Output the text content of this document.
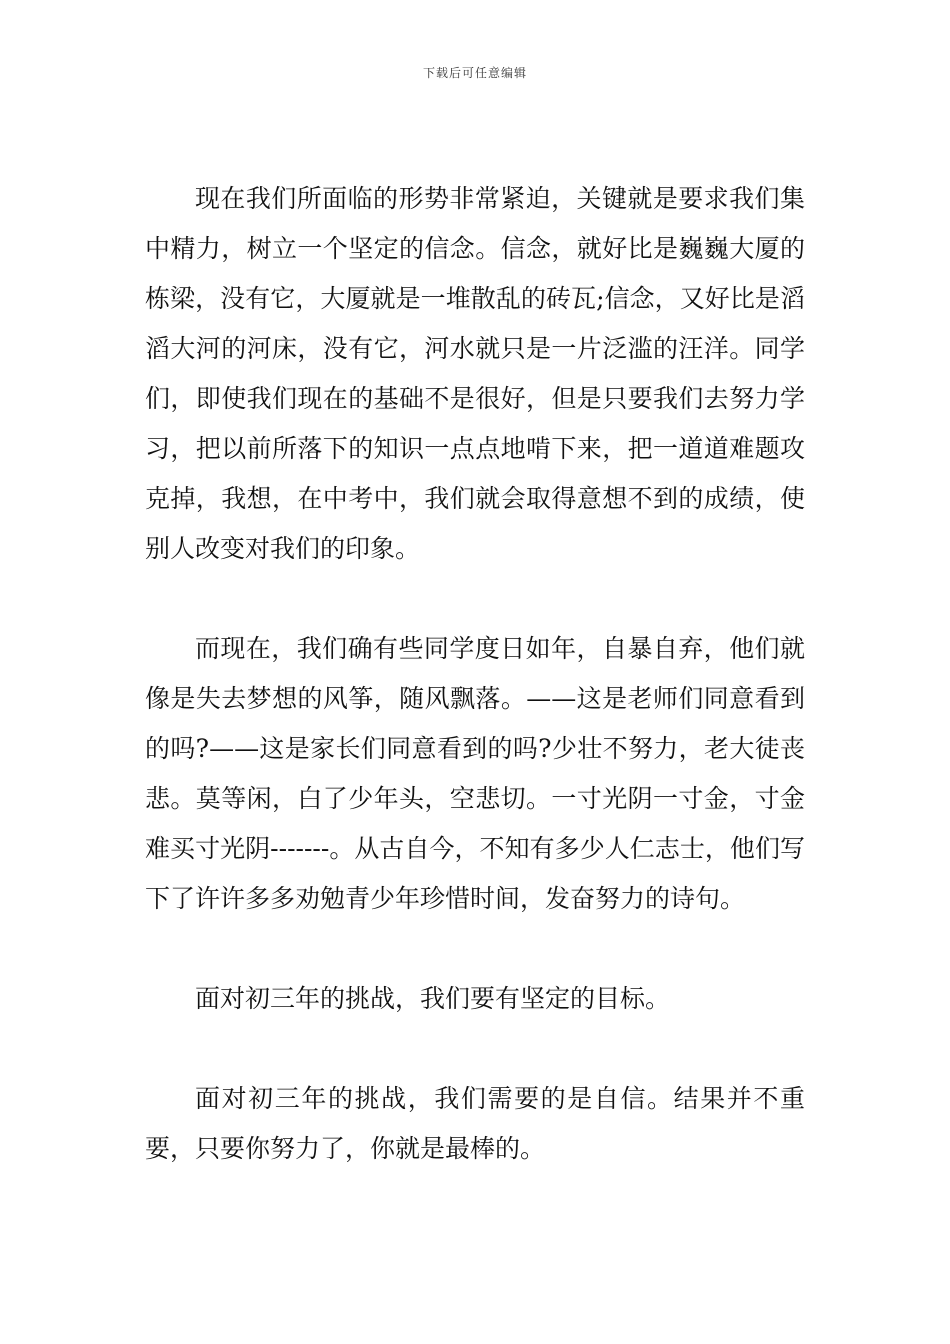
下载后可任意编辑

现在我们所面临的形势非常紧迫，关键就是要求我们集中精力，树立一个坚定的信念。信念，就好比是巍巍大厦的栋梁，没有它，大厦就是一堆散乱的砖瓦;信念，又好比是滔滔大河的河床，没有它，河水就只是一片泛滥的汪洋。同学们，即使我们现在的基础不是很好，但是只要我们去努力学习，把以前所落下的知识一点点地啃下来，把一道道难题攻克掉，我想，在中考中，我们就会取得意想不到的成绩，使别人改变对我们的印象。

而现在，我们确有些同学度日如年，自暴自弃，他们就像是失去梦想的风筝，随风飘落。——这是老师们同意看到的吗?——这是家长们同意看到的吗?少壮不努力，老大徒丧悲。莫等闲，白了少年头，空悲切。一寸光阴一寸金，寸金难买寸光阴-------。从古自今，不知有多少人仁志士，他们写下了许许多多劝勉青少年珍惜时间，发奋努力的诗句。

面对初三年的挑战，我们要有坚定的目标。

面对初三年的挑战，我们需要的是自信。结果并不重要，只要你努力了，你就是最棒的。
